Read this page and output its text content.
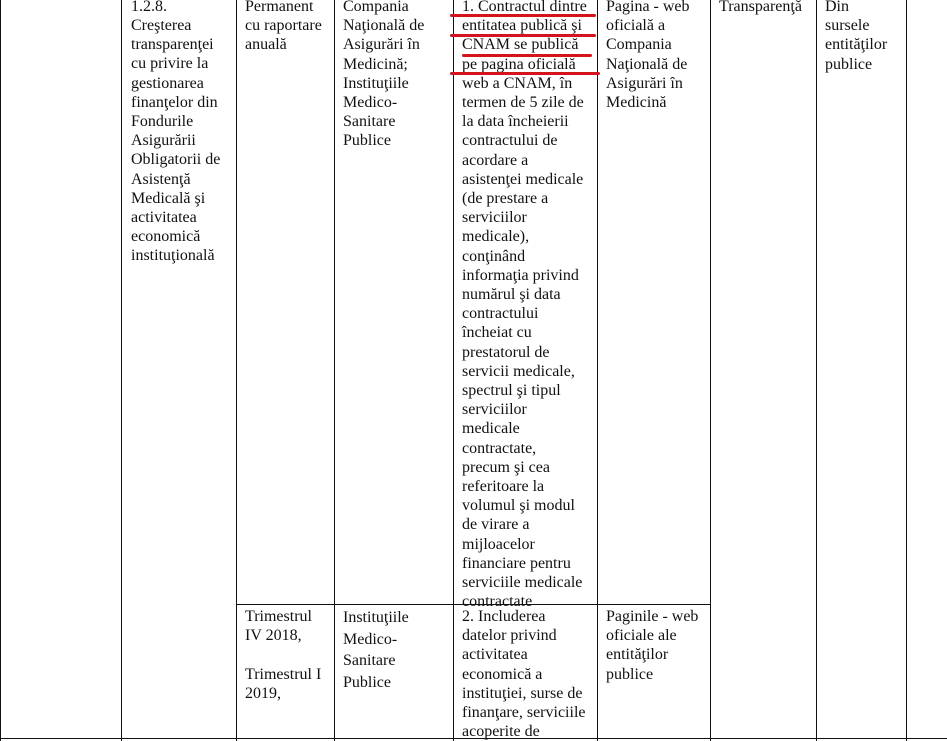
1.2.8.
Creşterea
transparenţei
cu privire la
gestionarea
finanţelor din
Fondurile
Asigurării
Obligatorii de
Asistenţă
Medicală şi
activitatea
economică
instituţională
Permanent
cu raportare
anuală
Compania
Naţională de
Asigurări în
Medicină;
Instituţiile
Medico-
Sanitare
Publice
1. Contractul dintre
entitatea publică şi
CNAM se publică
pe pagina oficială
web a CNAM, în
termen de 5 zile de
la data încheierii
contractului de
acordare a
asistenţei medicale
(de prestare a
serviciilor
medicale),
conţinând
informaţia privind
numărul şi data
contractului
încheiat cu
prestatorul de
servicii medicale,
spectrul şi tipul
serviciilor
medicale
contractate,
precum şi cea
referitoare la
volumul şi modul
de virare a
mijloacelor
financiare pentru
serviciile medicale
contractate
Pagina - web
oficială a
Compania
Naţională de
Asigurări în
Medicină
Transparenţă Din
sursele
entităţilor
publice
Trimestrul
IV 2018,
Trimestrul I
2019,
Instituţiile
Medico-
Sanitare
Publice
2. Includerea
datelor privind
activitatea
economică a
instituţiei, surse de
finanţare, serviciile
acoperite de
Paginile - web
oficiale ale
entităţilor
publice
